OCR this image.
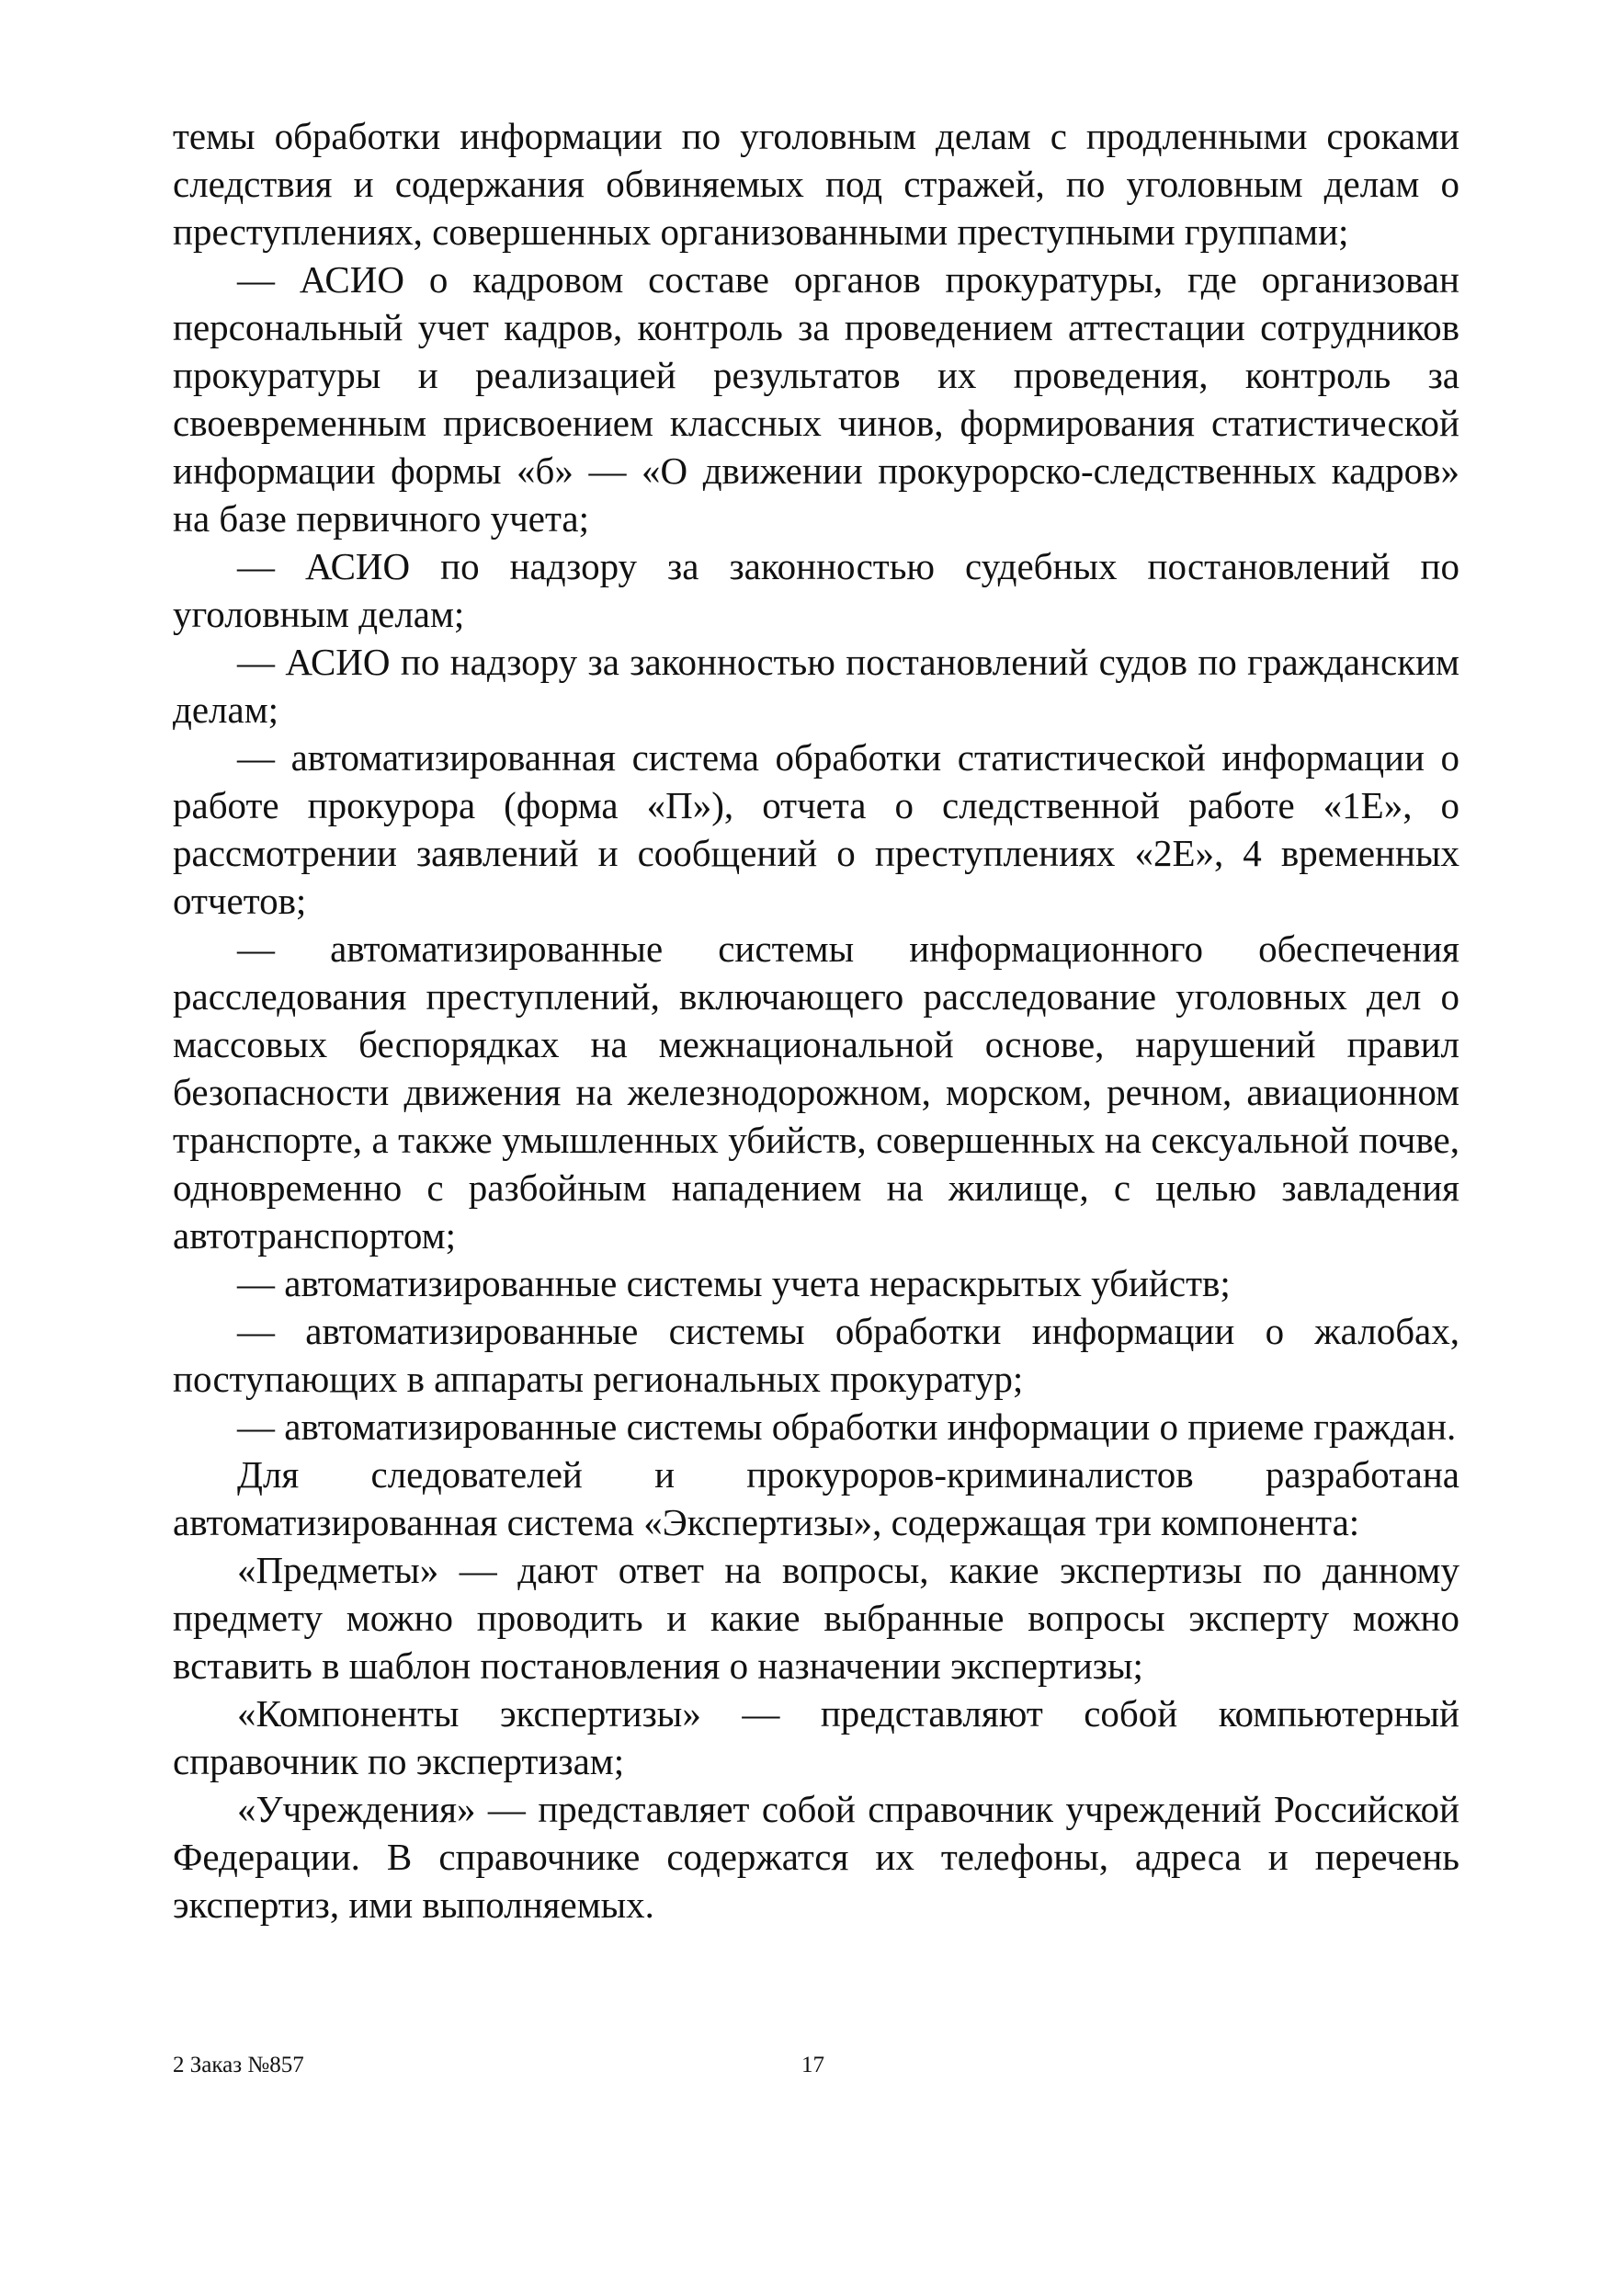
темы обработки информации по уголовным делам с продленными сроками следствия и содержания обвиняемых под стражей, по уголовным делам о преступлениях, совершенных организованными преступными группами;

— АСИО о кадровом составе органов прокуратуры, где организован персональный учет кадров, контроль за проведением аттестации сотрудников прокуратуры и реализацией результатов их проведения, контроль за своевременным присвоением классных чинов, формирования статистической информации формы «б» — «О движении прокурорско-следственных кадров» на базе первичного учета;

— АСИО по надзору за законностью судебных постановлений по уголовным делам;

— АСИО по надзору за законностью постановлений судов по гражданским делам;

— автоматизированная система обработки статистической информации о работе прокурора (форма «П»), отчета о следственной работе «1Е», о рассмотрении заявлений и сообщений о преступлениях «2Е», 4 временных отчетов;

— автоматизированные системы информационного обеспечения расследования преступлений, включающего расследование уголовных дел о массовых беспорядках на межнациональной основе, нарушений правил безопасности движения на железнодорожном, морском, речном, авиационном транспорте, а также умышленных убийств, совершенных на сексуальной почве, одновременно с разбойным нападением на жилище, с целью завладения автотранспортом;

— автоматизированные системы учета нераскрытых убийств;

— автоматизированные системы обработки информации о жалобах, поступающих в аппараты региональных прокуратур;

— автоматизированные системы обработки информации о приеме граждан.

Для следователей и прокуроров-криминалистов разработана автоматизированная система «Экспертизы», содержащая три компонента:

«Предметы» — дают ответ на вопросы, какие экспертизы по данному предмету можно проводить и какие выбранные вопросы эксперту можно вставить в шаблон постановления о назначении экспертизы;

«Компоненты экспертизы» — представляют собой компьютерный справочник по экспертизам;

«Учреждения» — представляет собой справочник учреждений Российской Федерации. В справочнике содержатся их телефоны, адреса и перечень экспертиз, ими выполняемых.

2 Заказ №857	17
